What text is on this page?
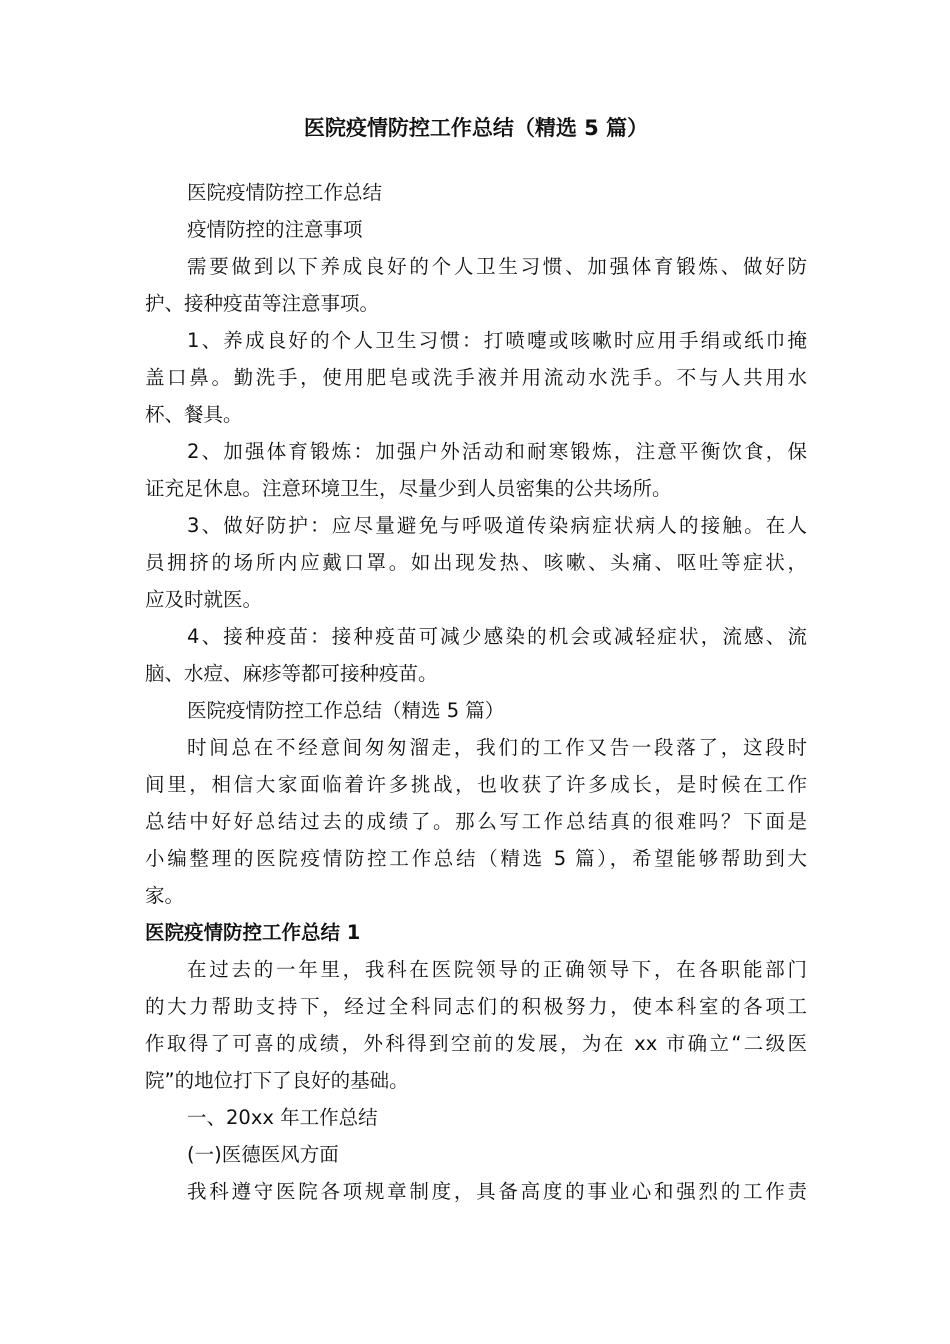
医院疫情防控工作总结（精选 5 篇）

医院疫情防控工作总结

疫情防控的注意事项

需要做到以下养成良好的个人卫生习惯、加强体育锻炼、做好防

护、接种疫苗等注意事项。

1、养成良好的个人卫生习惯：打喷嚏或咳嗽时应用手绢或纸巾掩

盖口鼻。勤洗手，使用肥皂或洗手液并用流动水洗手。不与人共用水

杯、餐具。

2、加强体育锻炼：加强户外活动和耐寒锻炼，注意平衡饮食，保

证充足休息。注意环境卫生，尽量少到人员密集的公共场所。

3、做好防护：应尽量避免与呼吸道传染病症状病人的接触。在人

员拥挤的场所内应戴口罩。如出现发热、咳嗽、头痛、呕吐等症状，

应及时就医。

4、接种疫苗：接种疫苗可减少感染的机会或减轻症状，流感、流

脑、水痘、麻疹等都可接种疫苗。

医院疫情防控工作总结（精选 5 篇）

时间总在不经意间匆匆溜走，我们的工作又告一段落了，这段时

间里，相信大家面临着许多挑战，也收获了许多成长，是时候在工作

总结中好好总结过去的成绩了。那么写工作总结真的很难吗？下面是

小编整理的医院疫情防控工作总结（精选 5 篇），希望能够帮助到大

家。

医院疫情防控工作总结 1

在过去的一年里，我科在医院领导的正确领导下，在各职能部门

的大力帮助支持下，经过全科同志们的积极努力，使本科室的各项工

作取得了可喜的成绩，外科得到空前的发展，为在 xx 市确立“二级医

院”的地位打下了良好的基础。

一、20xx 年工作总结

(一)医德医风方面

我科遵守医院各项规章制度，具备高度的事业心和强烈的工作责
